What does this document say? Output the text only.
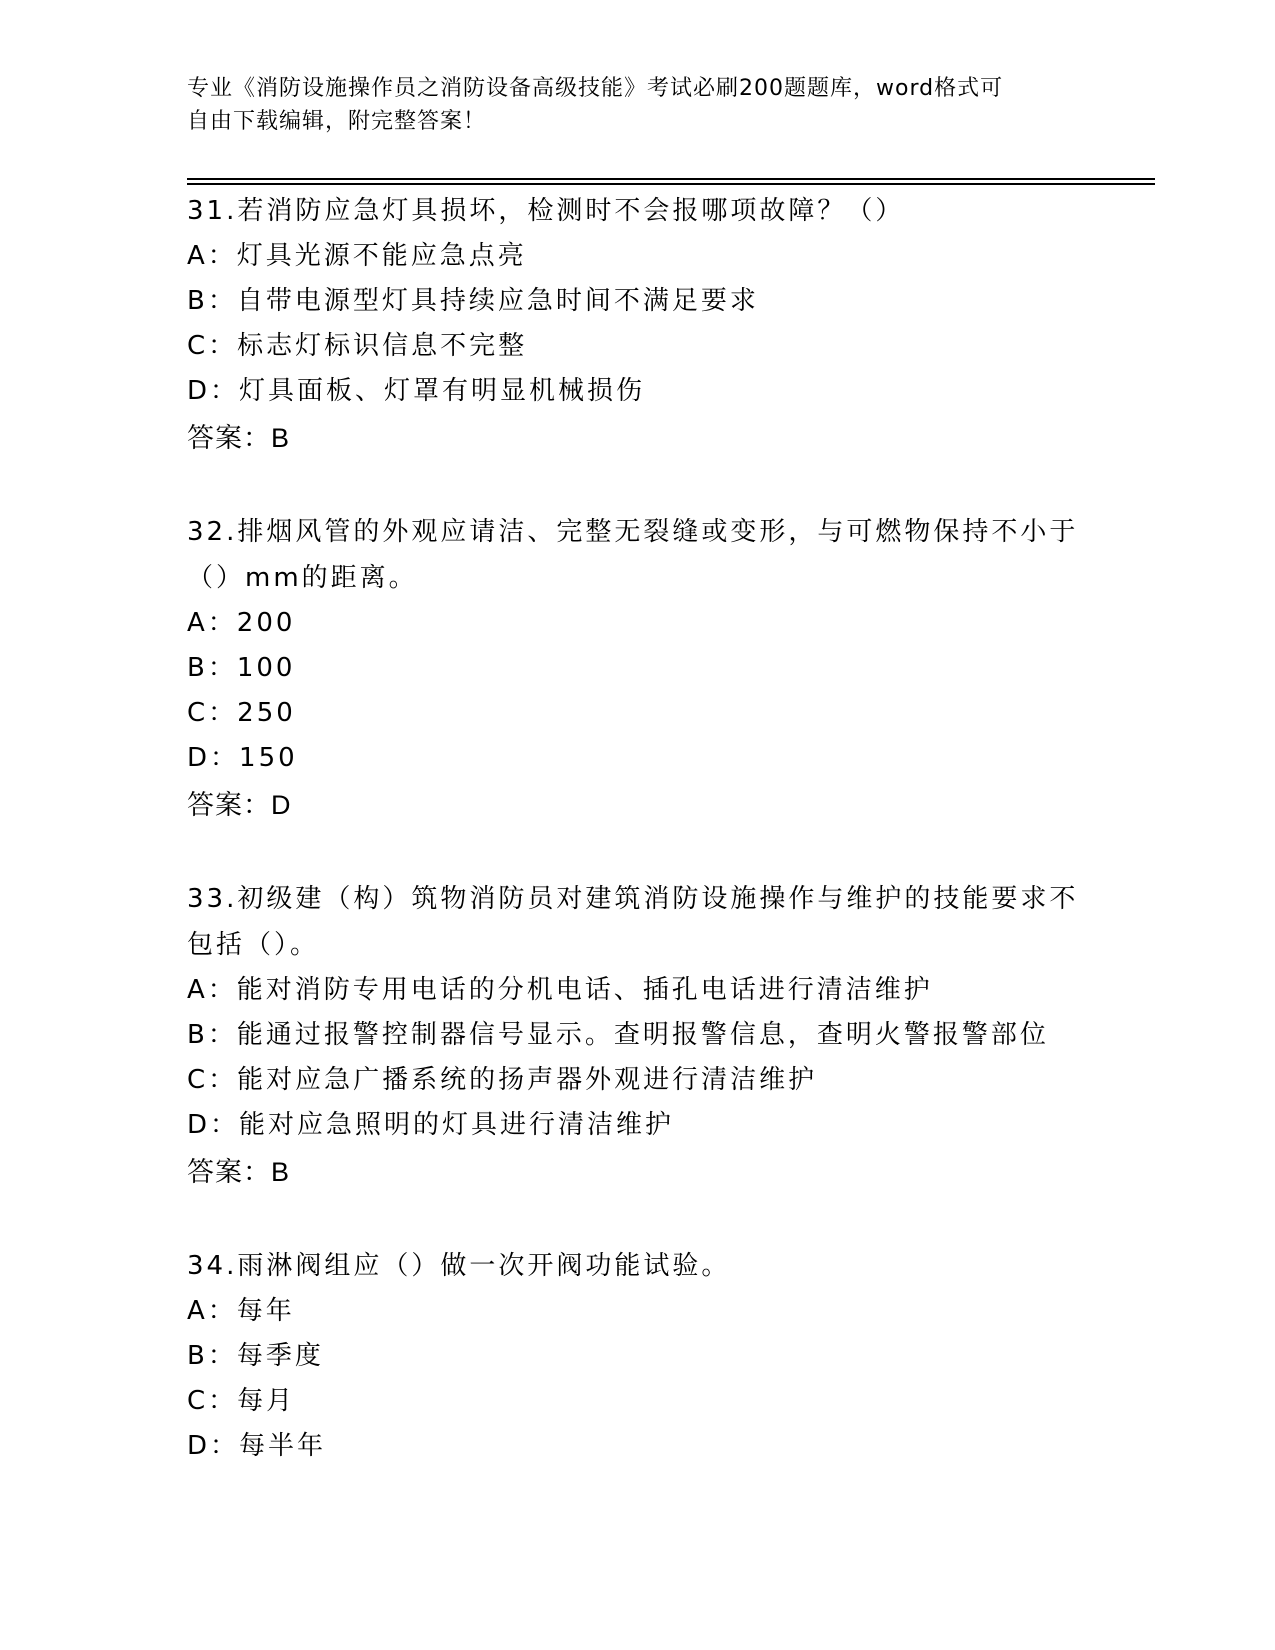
专业《消防设施操作员之消防设备高级技能》考试必刷200题题库，word格式可
自由下载编辑，附完整答案！
31.若消防应急灯具损坏，检测时不会报哪项故障？（）
A：灯具光源不能应急点亮
B：自带电源型灯具持续应急时间不满足要求
C：标志灯标识信息不完整
D：灯具面板、灯罩有明显机械损伤
答案：B
32.排烟风管的外观应请洁、完整无裂缝或变形，与可燃物保持不小于（）mm的距离。
A：200
B：100
C：250
D：150
答案：D
33.初级建（构）筑物消防员对建筑消防设施操作与维护的技能要求不包括（）。
A：能对消防专用电话的分机电话、插孔电话进行清洁维护
B：能通过报警控制器信号显示。查明报警信息，查明火警报警部位
C：能对应急广播系统的扬声器外观进行清洁维护
D：能对应急照明的灯具进行清洁维护
答案：B
34.雨淋阀组应（）做一次开阀功能试验。
A：每年
B：每季度
C：每月
D：每半年
